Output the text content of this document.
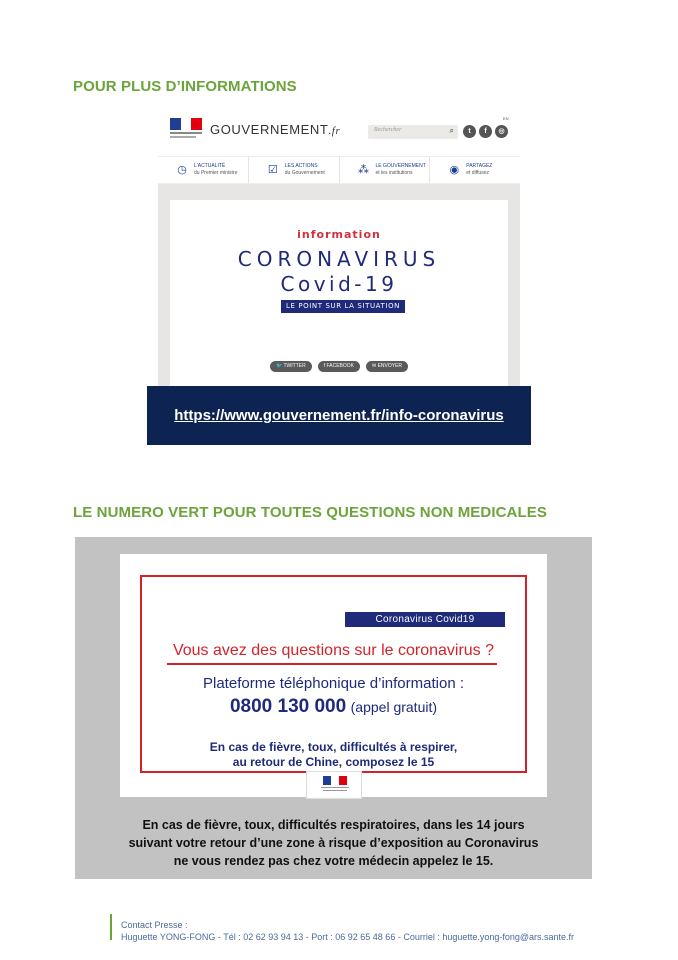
POUR PLUS D’INFORMATIONS
GOUVERNEMENT.fr	Rechercher	⌕	t	f	◎
EN
◷ L'ACTUALITÉ
du Premier ministre	☑ LES ACTIONS
du Gouvernement	⁂ LE GOUVERNEMENT
et les institutions	◉ PARTAGEZ
et diffusez
information
CORONAVIRUS
Covid-19
LE POINT SUR LA SITUATION
🐦 TWITTER	f FACEBOOK	✉ ENVOYER
https://www.gouvernement.fr/info-coronavirus
LE NUMERO VERT POUR TOUTES QUESTIONS NON MEDICALES
Coronavirus Covid19
Vous avez des questions sur le coronavirus ?
Plateforme téléphonique d’information :
0800 130 000 (appel gratuit)
En cas de fièvre, toux, difficultés à respirer,
au retour de Chine, composez le 15
En cas de fièvre, toux, difficultés respiratoires, dans les 14 jours
suivant votre retour d’une zone à risque d’exposition au Coronavirus
ne vous rendez pas chez votre médecin appelez le 15.
Contact Presse :
Huguette YONG-FONG - Tél : 02 62 93 94 13 - Port : 06 92 65 48 66 - Courriel : huguette.yong-fong@ars.sante.fr
